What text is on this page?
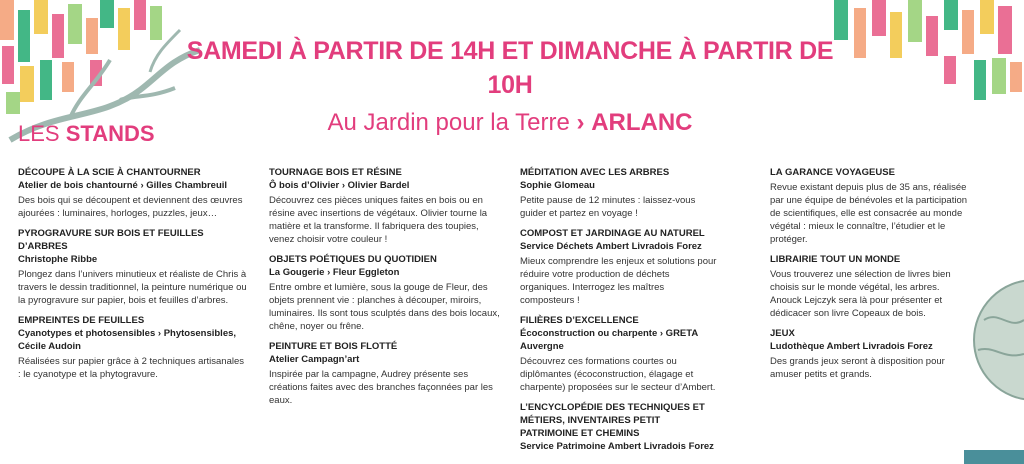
SAMEDI À PARTIR DE 14H ET DIMANCHE À PARTIR DE 10H
Au Jardin pour la Terre › ARLANC
LES STANDS
DÉCOUPE À LA SCIE À CHANTOURNER
Atelier de bois chantourné › Gilles Chambreuil

Des bois qui se découpent et deviennent des œuvres ajourées : luminaires, horloges, puzzles, jeux…

PYROGRAVURE SUR BOIS ET FEUILLES D’ARBRES
Christophe Ribbe

Plongez dans l’univers minutieux et réaliste de Chris à travers le dessin traditionnel, la peinture numérique ou la pyrogravure sur papier, bois et feuilles d’arbres.

EMPREINTES DE FEUILLES
Cyanotypes et photosensibles › Phytosensibles, Cécile Audoin

Réalisées sur papier grâce à 2 techniques artisanales : le cyanotype et la phytogravure.

TOURNAGE BOIS ET RÉSINE
Ô bois d’Olivier › Olivier Bardel

Découvrez ces pièces uniques faites en bois ou en résine avec insertions de végétaux. Olivier tourne la matière et la transforme. Il fabriquera des toupies, venez choisir votre couleur !

OBJETS POÉTIQUES DU QUOTIDIEN
La Gougerie › Fleur Eggleton

Entre ombre et lumière, sous la gouge de Fleur, des objets prennent vie : planches à découper, miroirs, luminaires. Ils sont tous sculptés dans des bois locaux, chêne, noyer ou frêne.

PEINTURE ET BOIS FLOTTÉ
Atelier Campagn’art

Inspirée par la campagne, Audrey présente ses créations faites avec des branches façonnées par les eaux.

MÉDITATION AVEC LES ARBRES
Sophie Glomeau

Petite pause de 12 minutes : laissez-vous guider et partez en voyage !

COMPOST ET JARDINAGE AU NATUREL
Service Déchets Ambert Livradois Forez

Mieux comprendre les enjeux et solutions pour réduire votre production de déchets organiques. Interrogez les maîtres composteurs !

FILIÈRES D’EXCELLENCE
Écoconstruction ou charpente › GRETA Auvergne

Découvrez ces formations courtes ou diplômantes (écoconstruction, élagage et charpente) proposées sur le secteur d’Ambert.

L’ENCYCLOPÉDIE DES TECHNIQUES ET MÉTIERS, INVENTAIRES PETIT PATRIMOINE ET CHEMINS
Service Patrimoine Ambert Livradois Forez
LA GARANCE VOYAGEUSE

Revue existant depuis plus de 35 ans, réalisée par une équipe de bénévoles et la participation de scientifiques, elle est consacrée au monde végétal : mieux le connaître, l’étudier et le protéger.

LIBRAIRIE TOUT UN MONDE

Vous trouverez une sélection de livres bien choisis sur le monde végétal, les arbres. Anouck Lejczyk sera là pour présenter et dédicacer son livre Copeaux de bois.

JEUX
Ludothèque Ambert Livradois Forez

Des grands jeux seront à disposition pour amuser petits et grands.
